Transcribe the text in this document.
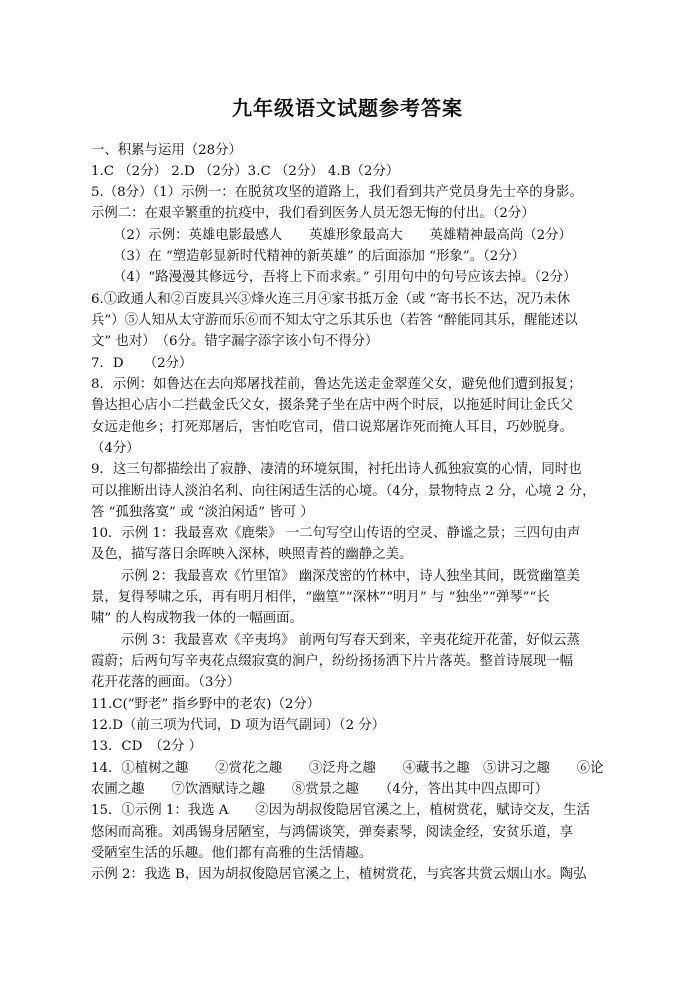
九年级语文试题参考答案
一、积累与运用（28分）
1.C （2分） 2.D （2分）3.C （2分） 4.B（2分）
5.（8分）（1）示例一：在脱贫攻坚的道路上，我们看到共产党员身先士卒的身影。
示例二：在艰辛繁重的抗疫中，我们看到医务人员无怨无悔的付出。（2分）
（2）示例：英雄电影最感人　　英雄形象最高大　　英雄精神最高尚（2分）
（3）在 “塑造彰显新时代精神的新英雄” 的后面添加 “形象”。（2分）
（4）“路漫漫其修远兮，吾将上下而求索。” 引用句中的句号应该去掉。（2分）
6.①政通人和②百废具兴③烽火连三月④家书抵万金（或 “寄书长不达，况乃未休
兵”）⑤人知从太守游而乐⑥而不知太守之乐其乐也（若答 “醉能同其乐，醒能述以
文” 也对）　（6分。错字漏字添字该小句不得分）
7．D　　（2分）
8．示例：如鲁达在去向郑屠找茬前，鲁达先送走金翠莲父女，避免他们遭到报复；
鲁达担心店小二拦截金氏父女，掇条凳子坐在店中两个时辰，以拖延时间让金氏父
女远走他乡；打死郑屠后，害怕吃官司，借口说郑屠诈死而掩人耳目，巧妙脱身。
（4分）
9．这三句都描绘出了寂静、凄清的环境氛围，衬托出诗人孤独寂寞的心情，同时也
可以推断出诗人淡泊名利、向往闲适生活的心境。（4分，景物特点 2 分，心境 2 分，
答 “孤独落寞” 或 “淡泊闲适” 皆可 ）
10．示例 1：我最喜欢《鹿柴》 一二句写空山传语的空灵、静谧之景；三四句由声
及色，描写落日余晖映入深林，映照青苔的幽静之美。
示例 2：我最喜欢《竹里馆》 幽深茂密的竹林中，诗人独坐其间，既赏幽篁美
景，复得琴啸之乐，再有明月相伴，“幽篁”“深林”“明月” 与 “独坐”“弹琴”“长
啸” 的人构成物我一体的一幅画面。
示例 3：我最喜欢《辛夷坞》 前两句写春天到来，辛夷花绽开花蕾，好似云蒸
霞蔚；后两句写辛夷花点缀寂寞的涧户，纷纷扬扬洒下片片落英。整首诗展现一幅
花开花落的画面。（3分）
11.C(“野老” 指乡野中的老农)（2分）
12.D（前三项为代词，D 项为语气副词）（2 分）
13．CD　（2分 ）
14．①植树之趣　　②赏花之趣　　③泛舟之趣　　④藏书之趣　⑤讲习之趣　　⑥论
农圃之趣　　⑦饮酒赋诗之趣　　⑧赏景之趣　　（4分，答出其中四点即可）
15．①示例 1：我选 A　　②因为胡叔俊隐居官溪之上，植树赏花，赋诗交友，生活
悠闲而高雅。刘禹锡身居陋室，与鸿儒谈笑，弹奏素琴，阅读金经，安贫乐道，享
受陋室生活的乐趣。他们都有高雅的生活情趣。
示例 2：我选 B，因为胡叔俊隐居官溪之上，植树赏花，与宾客共赏云烟山水。陶弘
